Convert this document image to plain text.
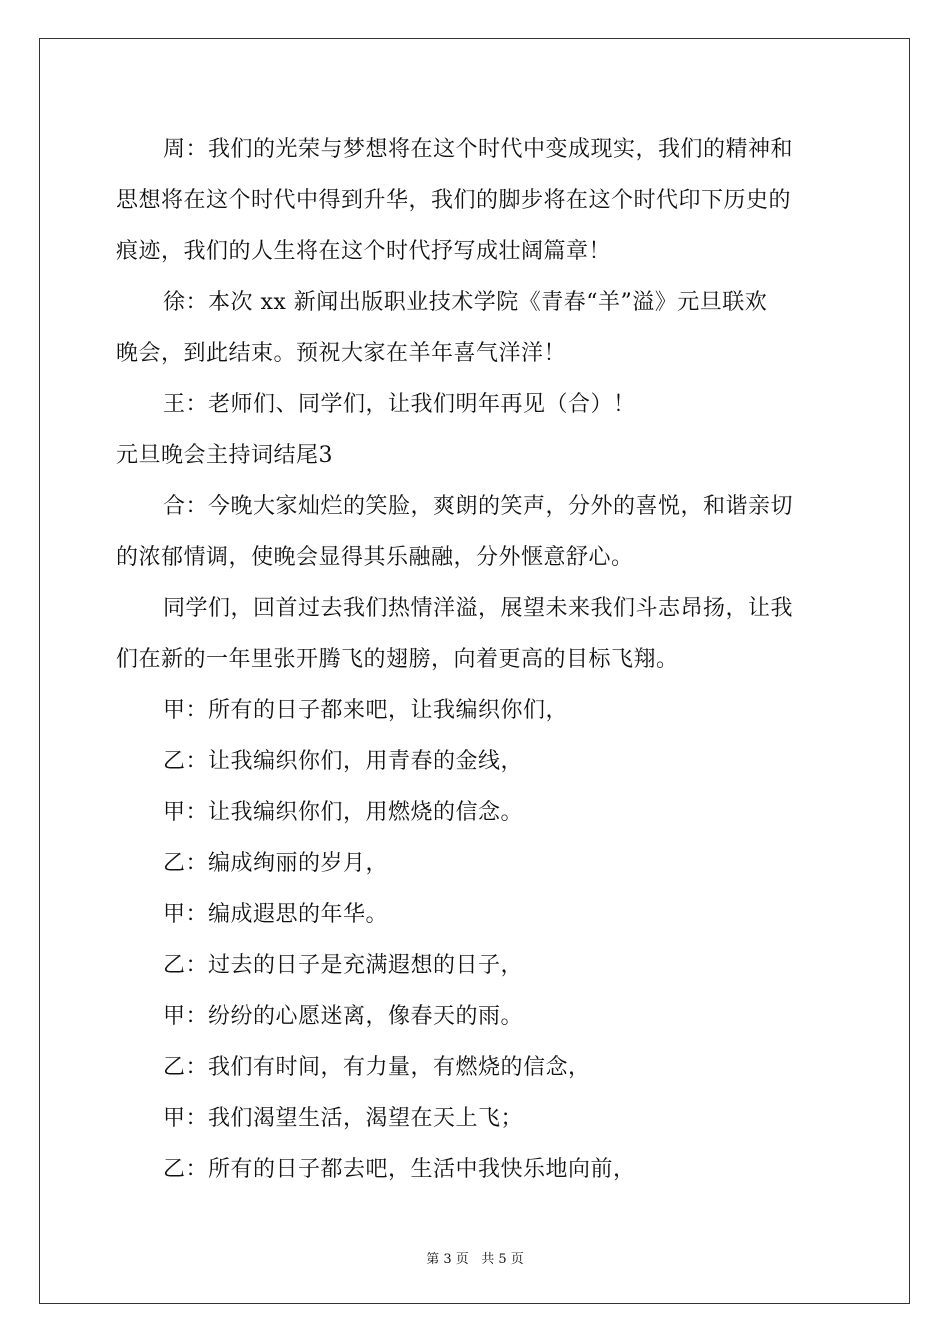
周：我们的光荣与梦想将在这个时代中变成现实，我们的精神和

思想将在这个时代中得到升华，我们的脚步将在这个时代印下历史的

痕迹，我们的人生将在这个时代抒写成壮阔篇章！

徐：本次 xx 新闻出版职业技术学院《青春“羊”溢》元旦联欢

晚会，到此结束。预祝大家在羊年喜气洋洋！

王：老师们、同学们，让我们明年再见（合）！

元旦晚会主持词结尾3

合：今晚大家灿烂的笑脸，爽朗的笑声，分外的喜悦，和谐亲切

的浓郁情调，使晚会显得其乐融融，分外惬意舒心。

同学们，回首过去我们热情洋溢，展望未来我们斗志昂扬，让我

们在新的一年里张开腾飞的翅膀，向着更高的目标飞翔。

甲：所有的日子都来吧，让我编织你们，

乙：让我编织你们，用青春的金线，

甲：让我编织你们，用燃烧的信念。

乙：编成绚丽的岁月，

甲：编成遐思的年华。

乙：过去的日子是充满遐想的日子，

甲：纷纷的心愿迷离，像春天的雨。

乙：我们有时间，有力量，有燃烧的信念，

甲：我们渴望生活，渴望在天上飞；

乙：所有的日子都去吧，生活中我快乐地向前，

第 3 页 共 5 页
